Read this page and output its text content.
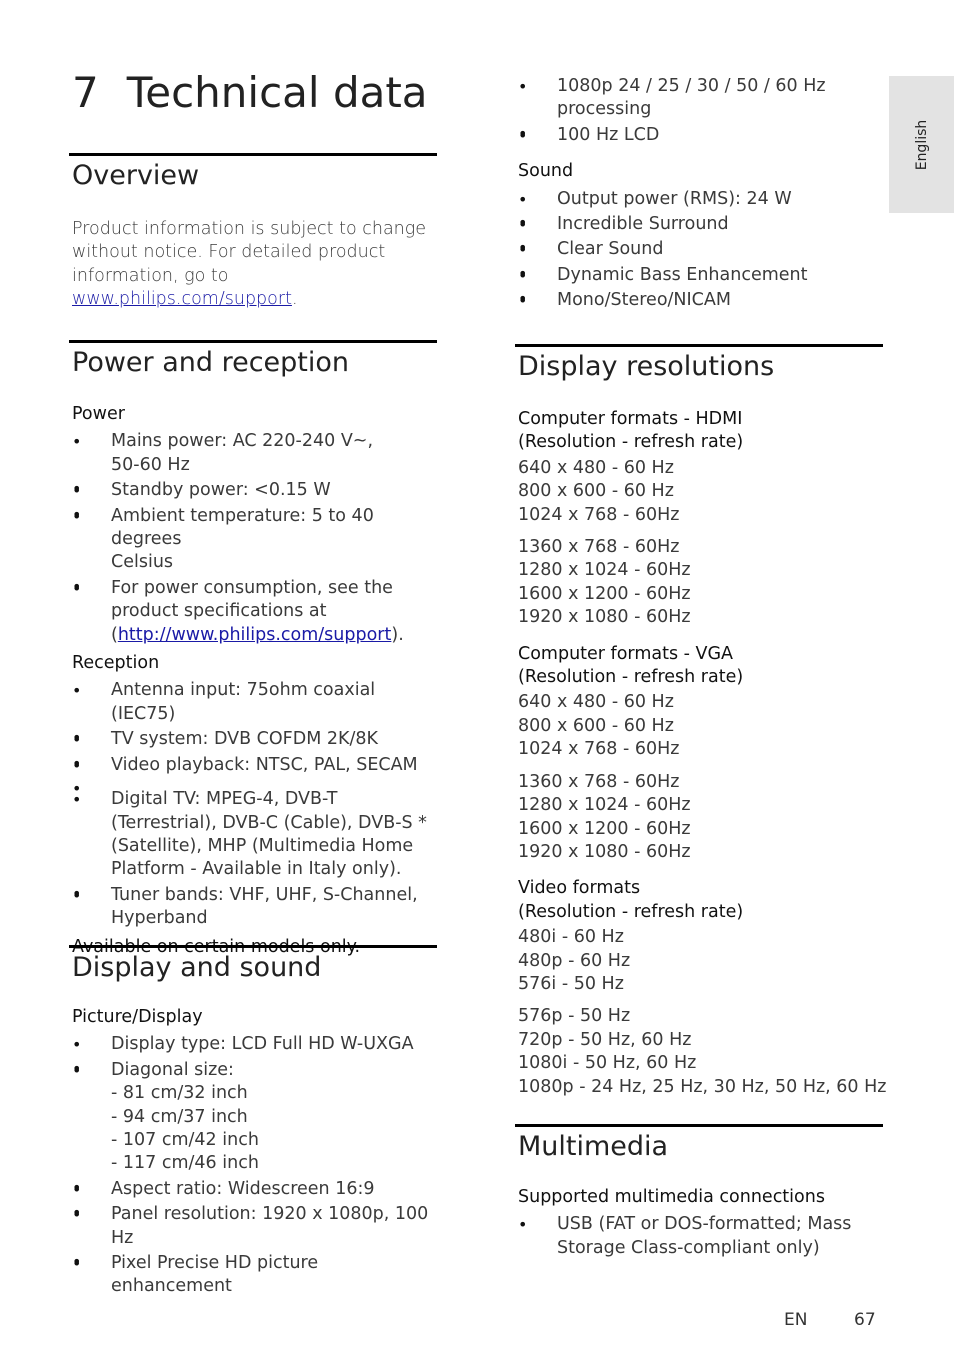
7 Technical data
English
Overview
Product information is subject to change
without notice. For detailed product
information, go to
www.philips.com/support.
Power and reception
Power
• Mains power: AC 220-240 V~,
50-60 Hz
•
• Standby power: <0.15 W
•
• Ambient temperature: 5 to 40 degrees
Celsius
•
• For power consumption, see the
product specifications at
(http://www.philips.com/support).
Reception
• Antenna input: 75ohm coaxial (IEC75)
•
• TV system: DVB COFDM 2K/8K
•
• Video playback: NTSC, PAL, SECAM
•
• Digital TV: MPEG-4, DVB-T
(Terrestrial), DVB-C (Cable), DVB-S *
(Satellite), MHP (Multimedia Home
Platform - Available in Italy only).
•
• Tuner bands: VHF, UHF, S-Channel,
Hyperband
Available on certain models only.
Display and sound
Picture/Display
• Display type: LCD Full HD W-UXGA
•
• Diagonal size:
- 81 cm/32 inch
- 94 cm/37 inch
- 107 cm/42 inch
- 117 cm/46 inch
•
• Aspect ratio: Widescreen 16:9
•
• Panel resolution: 1920 x 1080p, 100 Hz
•
• Pixel Precise HD picture enhancement
• 1080p 24 / 25 / 30 / 50 / 60 Hz
processing
•
• 100 Hz LCD
Sound
• Output power (RMS): 24 W
•
• Incredible Surround
•
• Clear Sound
•
• Dynamic Bass Enhancement
•
• Mono/Stereo/NICAM
Display resolutions
Computer formats - HDMI
(Resolution - refresh rate)
640 x 480 - 60 Hz
800 x 600 - 60 Hz
1024 x 768 - 60Hz
1360 x 768 - 60Hz
1280 x 1024 - 60Hz
1600 x 1200 - 60Hz
1920 x 1080 - 60Hz
Computer formats - VGA
(Resolution - refresh rate)
640 x 480 - 60 Hz
800 x 600 - 60 Hz
1024 x 768 - 60Hz
1360 x 768 - 60Hz
1280 x 1024 - 60Hz
1600 x 1200 - 60Hz
1920 x 1080 - 60Hz
Video formats
(Resolution - refresh rate)
480i - 60 Hz
480p - 60 Hz
576i - 50 Hz
576p - 50 Hz
720p - 50 Hz, 60 Hz
1080i - 50 Hz, 60 Hz
1080p - 24 Hz, 25 Hz, 30 Hz, 50 Hz, 60 Hz
Multimedia
Supported multimedia connections
• USB (FAT or DOS-formatted; Mass
Storage Class-compliant only)
EN	67
